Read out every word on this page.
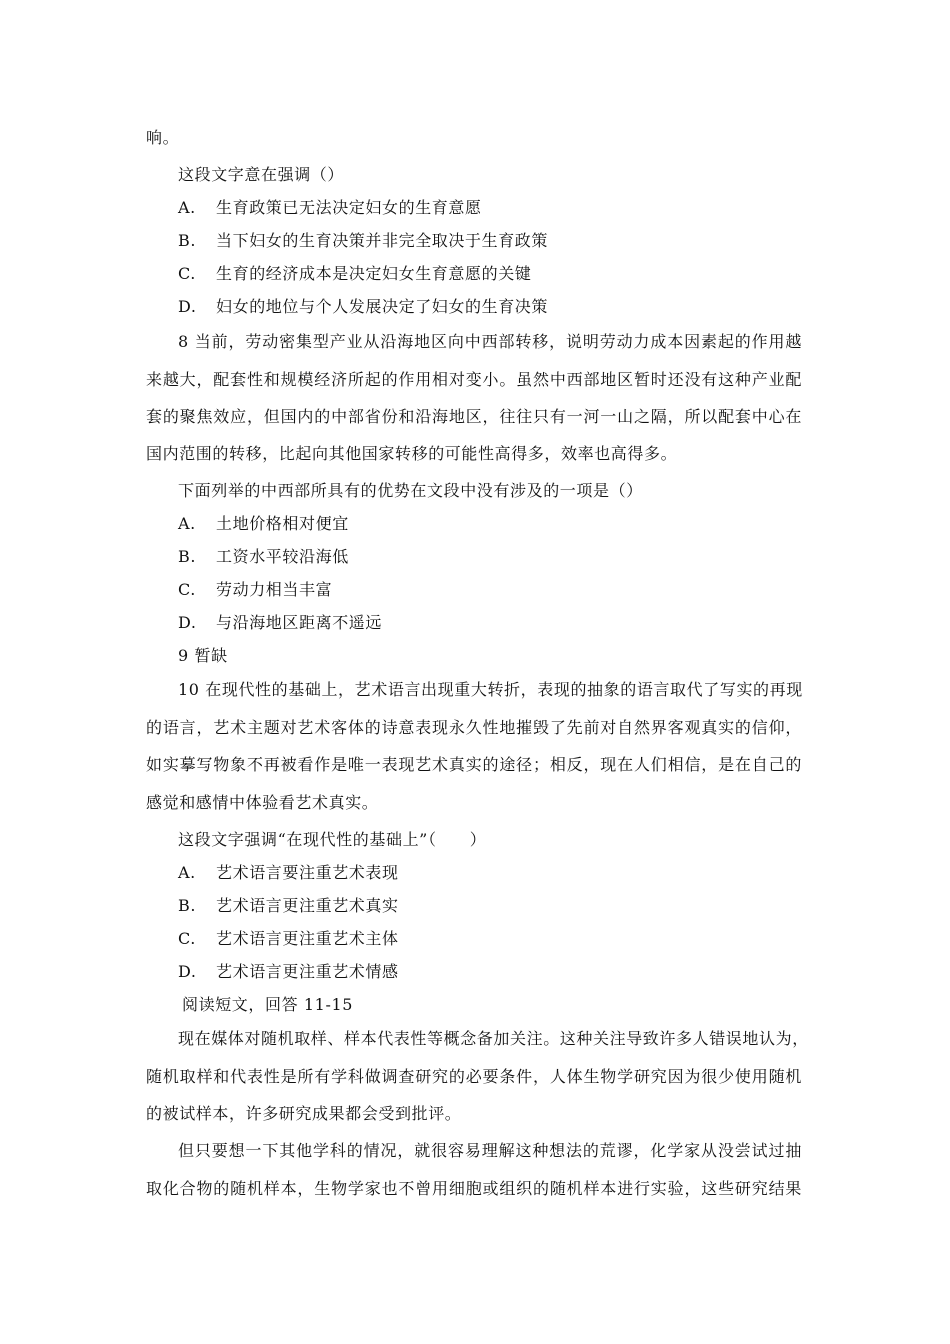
响。
这段文字意在强调（）
A. 生育政策已无法决定妇女的生育意愿
B. 当下妇女的生育决策并非完全取决于生育政策
C. 生育的经济成本是决定妇女生育意愿的关键
D. 妇女的地位与个人发展决定了妇女的生育决策
8 当前，劳动密集型产业从沿海地区向中西部转移，说明劳动力成本因素起的作用越
来越大，配套性和规模经济所起的作用相对变小。虽然中西部地区暂时还没有这种产业配
套的聚焦效应，但国内的中部省份和沿海地区，往往只有一河一山之隔，所以配套中心在
国内范围的转移，比起向其他国家转移的可能性高得多，效率也高得多。
下面列举的中西部所具有的优势在文段中没有涉及的一项是（）
A. 土地价格相对便宜
B. 工资水平较沿海低
C. 劳动力相当丰富
D. 与沿海地区距离不遥远
9 暂缺
10 在现代性的基础上，艺术语言出现重大转折，表现的抽象的语言取代了写实的再现
的语言，艺术主题对艺术客体的诗意表现永久性地摧毁了先前对自然界客观真实的信仰，
如实摹写物象不再被看作是唯一表现艺术真实的途径；相反，现在人们相信，是在自己的
感觉和感情中体验看艺术真实。
这段文字强调“在现代性的基础上”（　　）
A. 艺术语言要注重艺术表现
B. 艺术语言更注重艺术真实
C. 艺术语言更注重艺术主体
D. 艺术语言更注重艺术情感
阅读短文，回答 11-15
现在媒体对随机取样、样本代表性等概念备加关注。这种关注导致许多人错误地认为，
随机取样和代表性是所有学科做调查研究的必要条件，人体生物学研究因为很少使用随机
的被试样本，许多研究成果都会受到批评。
但只要想一下其他学科的情况，就很容易理解这种想法的荒谬，化学家从没尝试过抽
取化合物的随机样本，生物学家也不曾用细胞或组织的随机样本进行实验，这些研究结果
